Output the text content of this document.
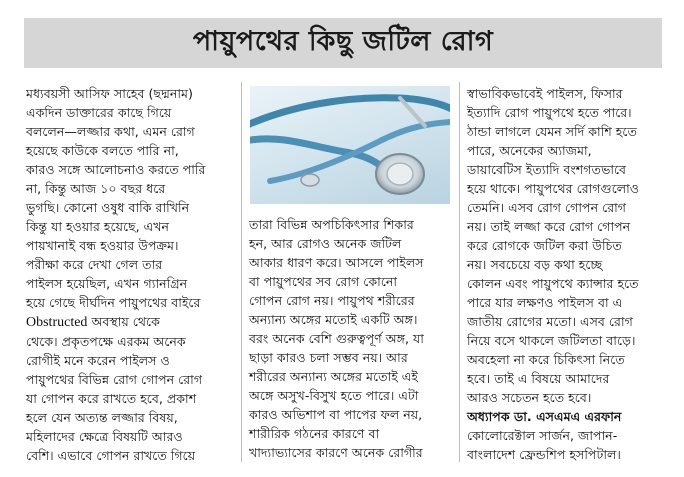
পায়ুপথের কিছু জটিল রোগ

মধ্যবয়সী আসিফ সাহেব (ছদ্মনাম)

একদিন ডাক্তারের কাছে গিয়ে

বললেন—লজ্জার কথা, এমন রোগ

হয়েছে কাউকে বলতে পারি না,

কারও সঙ্গে আলোচনাও করতে পারি

না, কিন্তু আজ ১০ বছর ধরে

ভুগছি। কোনো ওষুধ বাকি রাখিনি

কিন্তু যা হওয়ার হয়েছে, এখন

পায়খানাই বন্ধ হওয়ার উপক্রম।

পরীক্ষা করে দেখা গেল তার

পাইলস হয়েছিল, এখন গ্যানগ্রিন

হয়ে গেছে দীর্ঘদিন পায়ুপথের বাইরে

Obstructed অবস্থায় থেকে

থেকে। প্রকৃতপক্ষে এরকম অনেক

রোগীই মনে করেন পাইলস ও

পায়ুপথের বিভিন্ন রোগ গোপন রোগ

যা গোপন করে রাখতে হবে, প্রকাশ

হলে যেন অত্যন্ত লজ্জার বিষয়,

মহিলাদের ক্ষেত্রে বিষয়টি আরও

বেশি। এভাবে গোপন রাখতে গিয়ে

তারা বিভিন্ন অপচিকিৎসার শিকার

হন, আর রোগও অনেক জটিল

আকার ধারণ করে। আসলে পাইলস

বা পায়ুপথের সব রোগ কোনো

গোপন রোগ নয়। পায়ুপথ শরীরের

অন্যান্য অঙ্গের মতোই একটি অঙ্গ।

বরং অনেক বেশি গুরুত্বপূর্ণ অঙ্গ, যা

ছাড়া কারও চলা সম্ভব নয়। আর

শরীরের অন্যান্য অঙ্গের মতোই এই

অঙ্গে অসুখ-বিসুখ হতে পারে। এটা

কারও অভিশাপ বা পাপের ফল নয়,

শারীরিক গঠনের কারণে বা

খাদ্যাভ্যাসের কারণে অনেক রোগীর

স্বাভাবিকভাবেই পাইলস, ফিসার

ইত্যাদি রোগ পায়ুপথে হতে পারে।

ঠান্ডা লাগলে যেমন সর্দি কাশি হতে

পারে, অনেকের অ্যাজমা,

ডায়াবেটিস ইত্যাদি বংশগতভাবে

হয়ে থাকে। পায়ুপথের রোগগুলোও

তেমনি। এসব রোগ গোপন রোগ

নয়। তাই লজ্জা করে রোগ গোপন

করে রোগকে জটিল করা উচিত

নয়। সবচেয়ে বড় কথা হচ্ছে

কোলন এবং পায়ুপথে ক্যান্সার হতে

পারে যার লক্ষণও পাইলস বা এ

জাতীয় রোগের মতো। এসব রোগ

নিয়ে বসে থাকলে জটিলতা বাড়ে।

অবহেলা না করে চিকিৎসা নিতে

হবে। তাই এ বিষয়ে আমাদের

আরও সচেতন হতে হবে।

অধ্যাপক ডা. এসএমএ এরফান

কোলোরেক্টাল সার্জন, জাপান-

বাংলাদেশ ফ্রেন্ডশিপ হসপিটাল।
